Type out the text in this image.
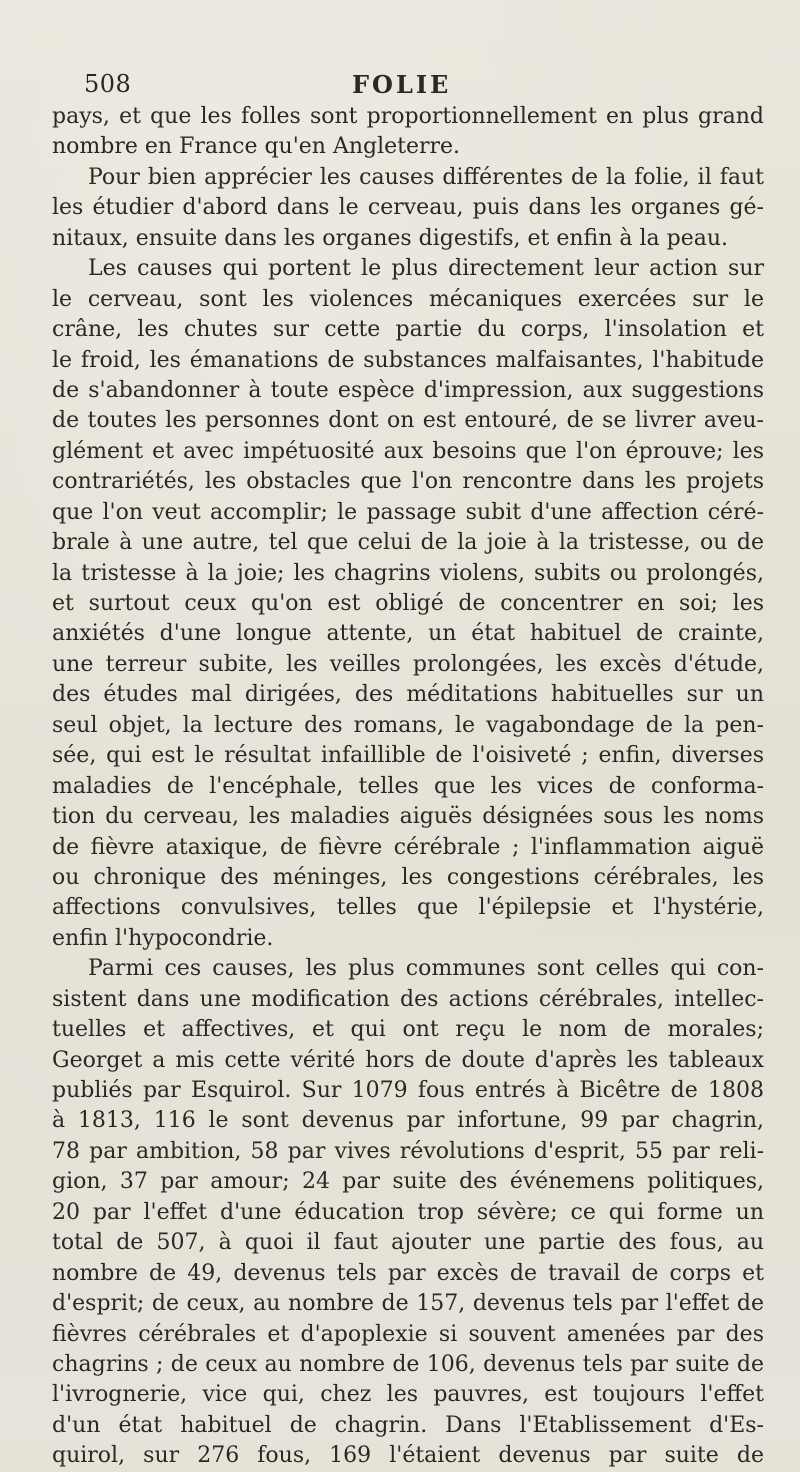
508	FOLIE
pays, et que les folles sont proportionnellement en plus grand
nombre en France qu'en Angleterre.
Pour bien apprécier les causes différentes de la folie, il faut
les étudier d'abord dans le cerveau, puis dans les organes gé-
nitaux, ensuite dans les organes digestifs, et enfin à la peau.
Les causes qui portent le plus directement leur action sur
le cerveau, sont les violences mécaniques exercées sur le
crâne, les chutes sur cette partie du corps, l'insolation et
le froid, les émanations de substances malfaisantes, l'habitude
de s'abandonner à toute espèce d'impression, aux suggestions
de toutes les personnes dont on est entouré, de se livrer aveu-
glément et avec impétuosité aux besoins que l'on éprouve; les
contrariétés, les obstacles que l'on rencontre dans les projets
que l'on veut accomplir; le passage subit d'une affection céré-
brale à une autre, tel que celui de la joie à la tristesse, ou de
la tristesse à la joie; les chagrins violens, subits ou prolongés,
et surtout ceux qu'on est obligé de concentrer en soi; les
anxiétés d'une longue attente, un état habituel de crainte,
une terreur subite, les veilles prolongées, les excès d'étude,
des études mal dirigées, des méditations habituelles sur un
seul objet, la lecture des romans, le vagabondage de la pen-
sée, qui est le résultat infaillible de l'oisiveté ; enfin, diverses
maladies de l'encéphale, telles que les vices de conforma-
tion du cerveau, les maladies aiguës désignées sous les noms
de fièvre ataxique, de fièvre cérébrale ; l'inflammation aiguë
ou chronique des méninges, les congestions cérébrales, les
affections convulsives, telles que l'épilepsie et l'hystérie,
enfin l'hypocondrie.
Parmi ces causes, les plus communes sont celles qui con-
sistent dans une modification des actions cérébrales, intellec-
tuelles et affectives, et qui ont reçu le nom de morales;
Georget a mis cette vérité hors de doute d'après les tableaux
publiés par Esquirol. Sur 1079 fous entrés à Bicêtre de 1808
à 1813, 116 le sont devenus par infortune, 99 par chagrin,
78 par ambition, 58 par vives révolutions d'esprit, 55 par reli-
gion, 37 par amour; 24 par suite des événemens politiques,
20 par l'effet d'une éducation trop sévère; ce qui forme un
total de 507, à quoi il faut ajouter une partie des fous, au
nombre de 49, devenus tels par excès de travail de corps et
d'esprit; de ceux, au nombre de 157, devenus tels par l'effet de
fièvres cérébrales et d'apoplexie si souvent amenées par des
chagrins ; de ceux au nombre de 106, devenus tels par suite de
l'ivrognerie, vice qui, chez les pauvres, est toujours l'effet
d'un état habituel de chagrin. Dans l'Etablissement d'Es-
quirol, sur 276 fous, 169 l'étaient devenus par suite de
